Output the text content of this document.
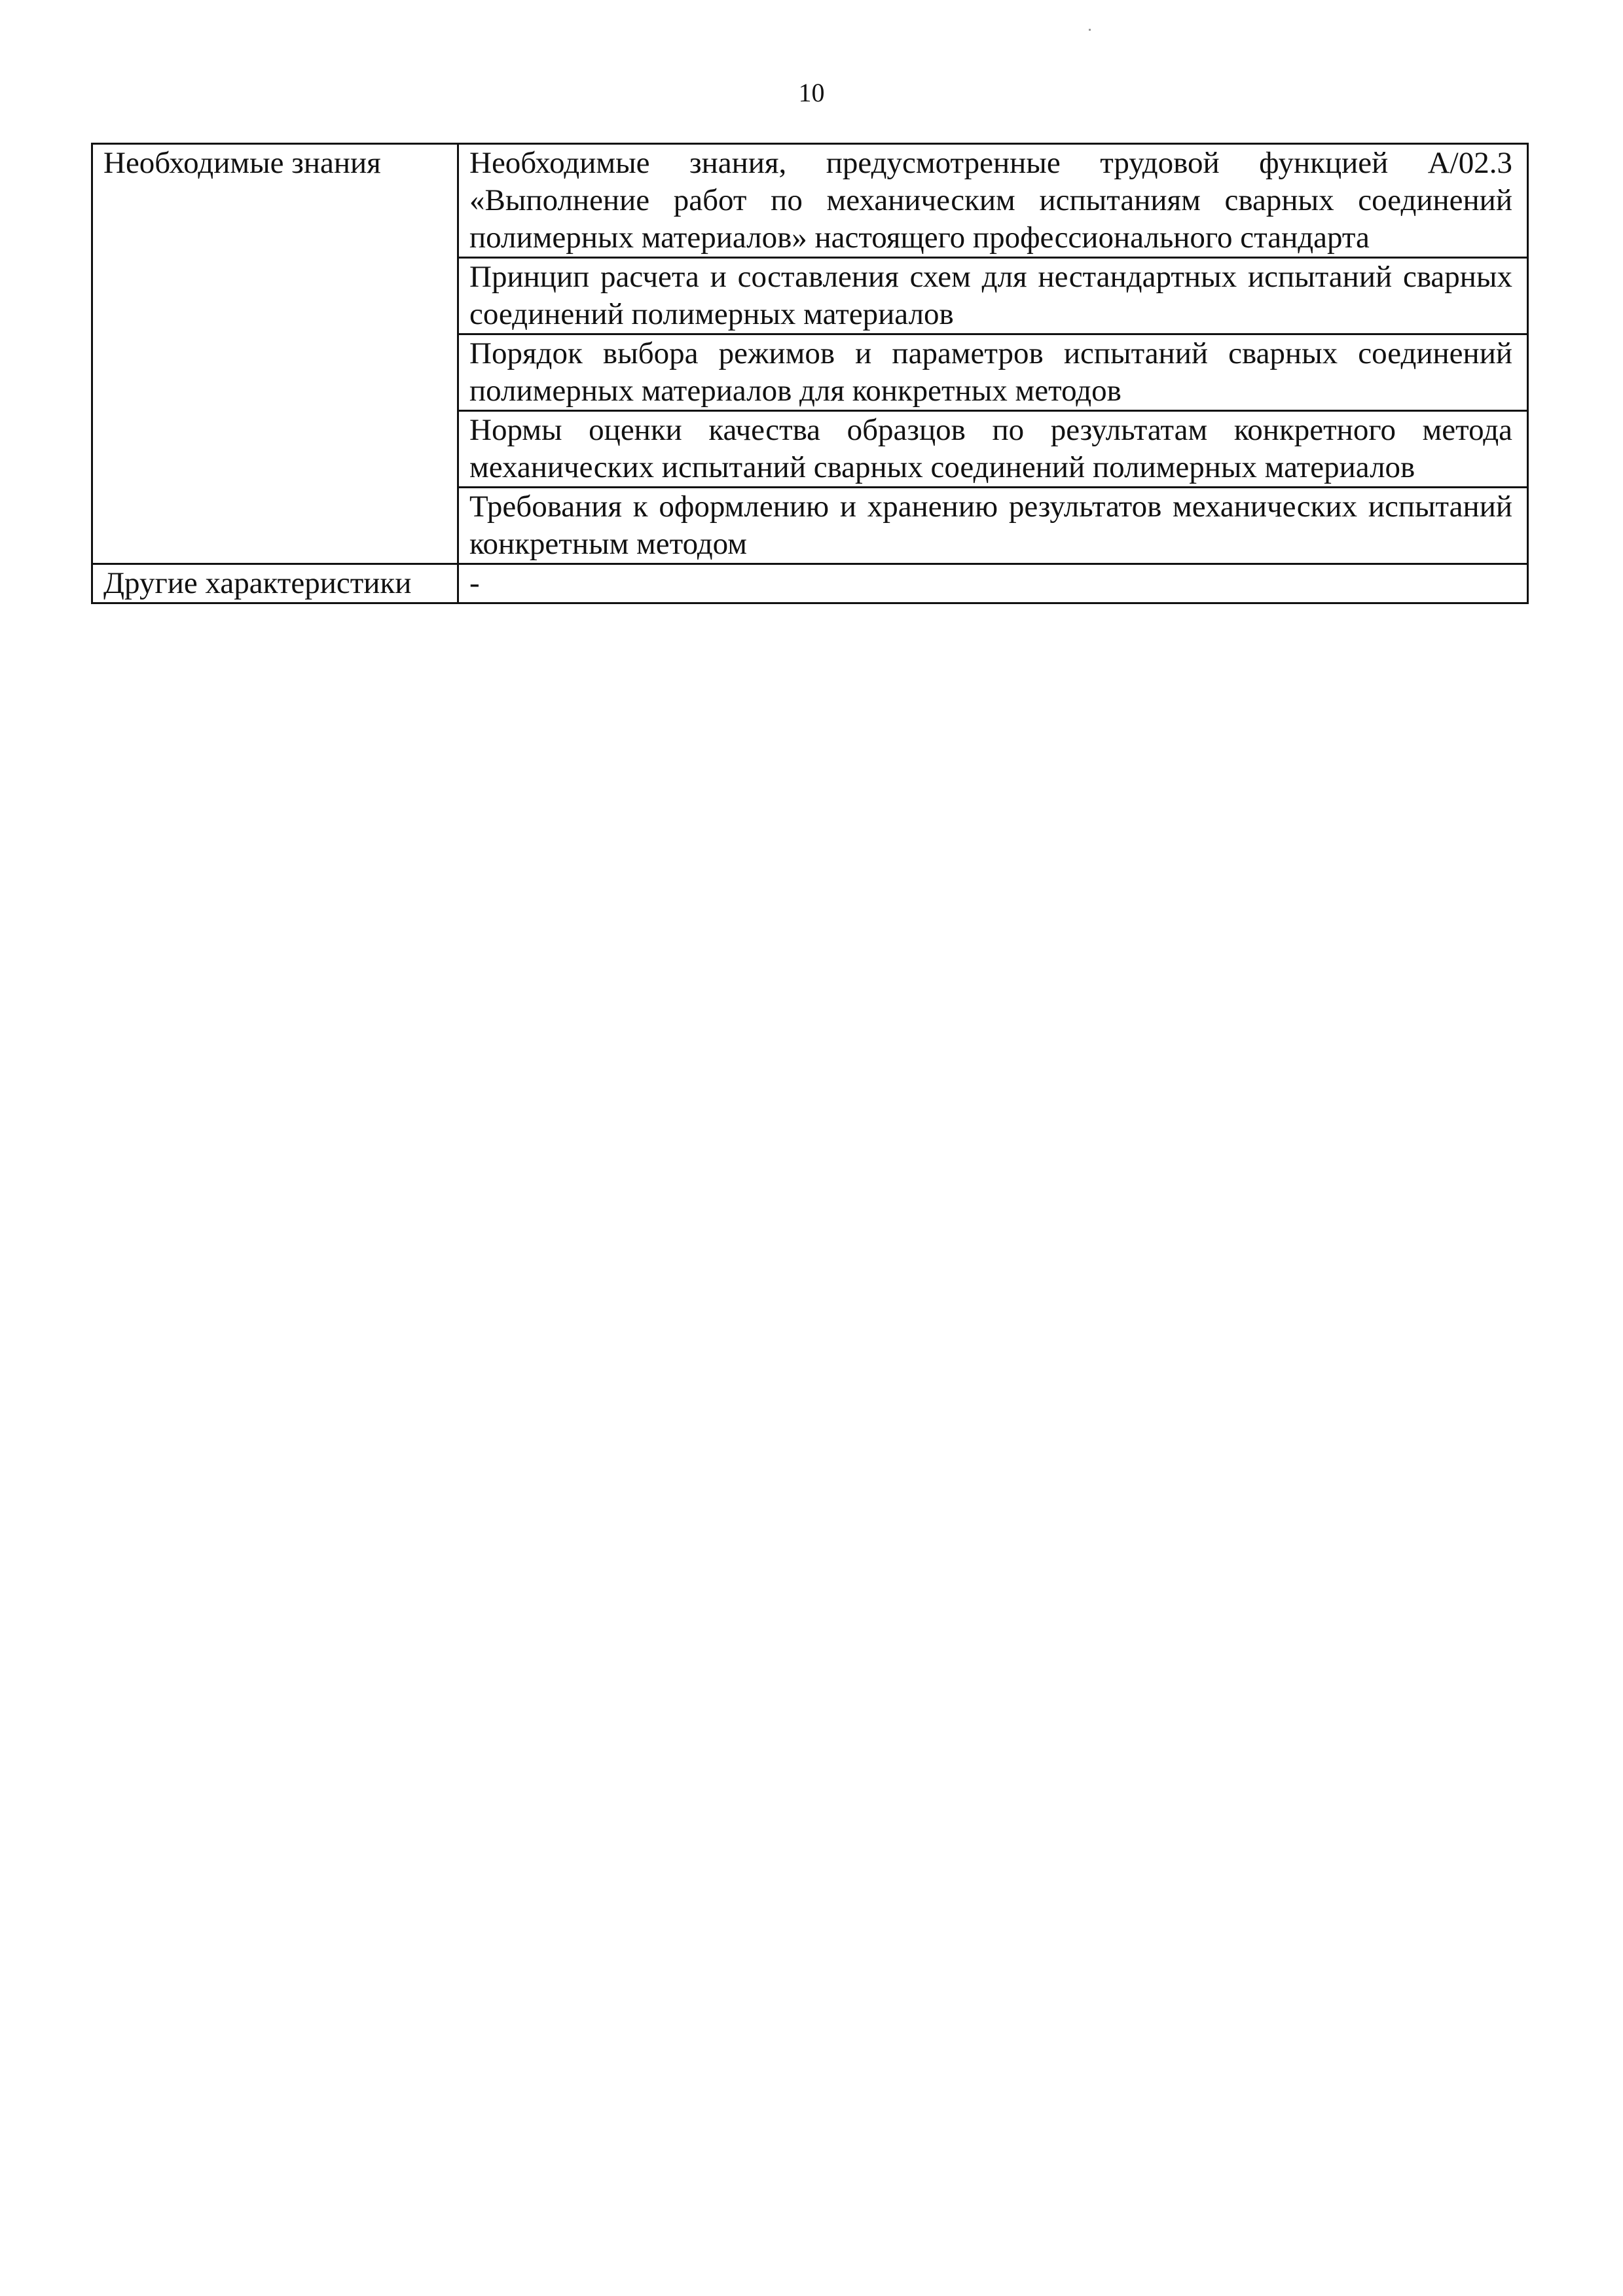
10
Необходимые знания	Необходимые знания, предусмотренные трудовой функцией А/02.3 «Выполнение работ по механическим испытаниям сварных соединений полимерных материалов» настоящего профессионального стандарта
	Принцип расчета и составления схем для нестандартных испытаний сварных соединений полимерных материалов
	Порядок выбора режимов и параметров испытаний сварных соединений полимерных материалов для конкретных методов
	Нормы оценки качества образцов по результатам конкретного метода механических испытаний сварных соединений полимерных материалов
	Требования к оформлению и хранению результатов механических испытаний конкретным методом
Другие характеристики	-
